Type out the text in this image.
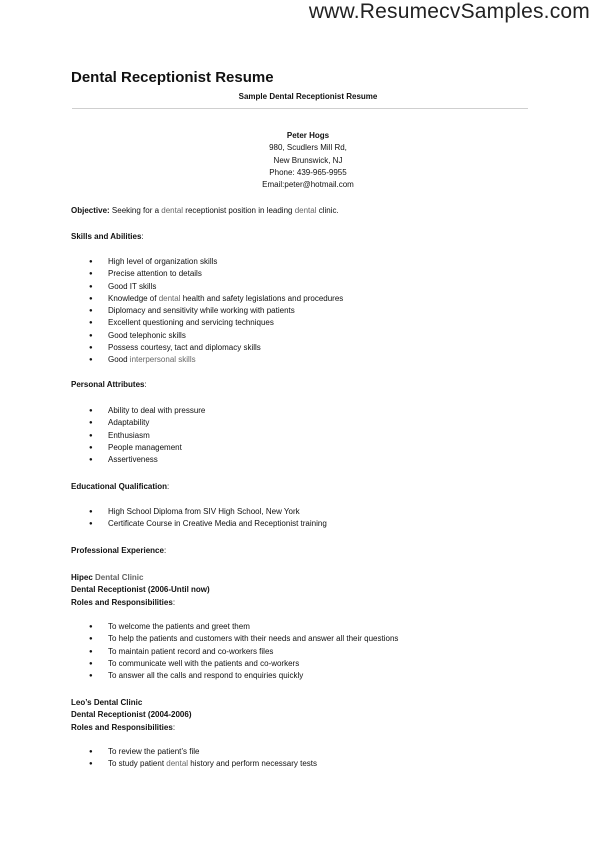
www.ResumecvSamples.com
Dental Receptionist Resume
Sample Dental Receptionist Resume
Peter Hogs
980, Scudlers Mill Rd,
New Brunswick, NJ
Phone: 439-965-9955
Email:peter@hotmail.com
Objective: Seeking for a dental receptionist position in leading dental clinic.
Skills and Abilities:
● High level of organization skills
● Precise attention to details
● Good IT skills
● Knowledge of dental health and safety legislations and procedures
● Diplomacy and sensitivity while working with patients
● Excellent questioning and servicing techniques
● Good telephonic skills
● Possess courtesy, tact and diplomacy skills
● Good interpersonal skills
Personal Attributes:
● Ability to deal with pressure
● Adaptability
● Enthusiasm
● People management
● Assertiveness
Educational Qualification:
● High School Diploma from SIV High School, New York
● Certificate Course in Creative Media and Receptionist training
Professional Experience:
Hipec Dental Clinic
Dental Receptionist (2006-Until now)
Roles and Responsibilities:
● To welcome the patients and greet them
● To help the patients and customers with their needs and answer all their questions
● To maintain patient record and co-workers files
● To communicate well with the patients and co-workers
● To answer all the calls and respond to enquiries quickly
Leo’s Dental Clinic
Dental Receptionist (2004-2006)
Roles and Responsibilities:
● To review the patient’s file
● To study patient dental history and perform necessary tests
